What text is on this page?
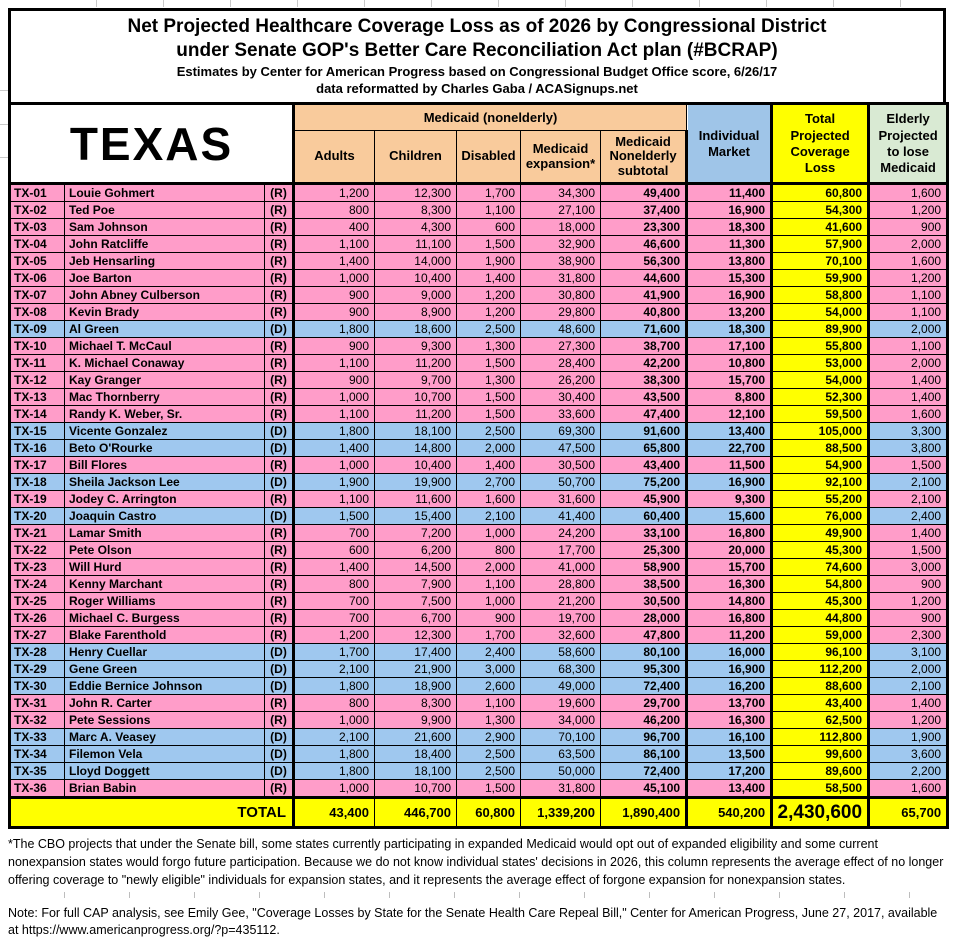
Net Projected Healthcare Coverage Loss as of 2026 by Congressional District
under Senate GOP's Better Care Reconciliation Act plan (#BCRAP)
Estimates by Center for American Progress based on Congressional Budget Office score, 6/26/17
data reformatted by Charles Gaba / ACASignups.net
TEXAS			Medicaid (nonelderly)					Individual Market	Total Projected Coverage Loss	Elderly Projected to lose Medicaid
			Adults	Children	Disabled	Medicaid expansion*	Medicaid Nonelderly subtotal			
TX-01	Louie Gohmert	(R)	1,200	12,300	1,700	34,300	49,400	11,400	60,800	1,600
TX-02	Ted Poe	(R)	800	8,300	1,100	27,100	37,400	16,900	54,300	1,200
TX-03	Sam Johnson	(R)	400	4,300	600	18,000	23,300	18,300	41,600	900
TX-04	John Ratcliffe	(R)	1,100	11,100	1,500	32,900	46,600	11,300	57,900	2,000
TX-05	Jeb Hensarling	(R)	1,400	14,000	1,900	38,900	56,300	13,800	70,100	1,600
TX-06	Joe Barton	(R)	1,000	10,400	1,400	31,800	44,600	15,300	59,900	1,200
TX-07	John Abney Culberson	(R)	900	9,000	1,200	30,800	41,900	16,900	58,800	1,100
TX-08	Kevin Brady	(R)	900	8,900	1,200	29,800	40,800	13,200	54,000	1,100
TX-09	Al Green	(D)	1,800	18,600	2,500	48,600	71,600	18,300	89,900	2,000
TX-10	Michael T. McCaul	(R)	900	9,300	1,300	27,300	38,700	17,100	55,800	1,100
TX-11	K. Michael Conaway	(R)	1,100	11,200	1,500	28,400	42,200	10,800	53,000	2,000
TX-12	Kay Granger	(R)	900	9,700	1,300	26,200	38,300	15,700	54,000	1,400
TX-13	Mac Thornberry	(R)	1,000	10,700	1,500	30,400	43,500	8,800	52,300	1,400
TX-14	Randy K. Weber, Sr.	(R)	1,100	11,200	1,500	33,600	47,400	12,100	59,500	1,600
TX-15	Vicente Gonzalez	(D)	1,800	18,100	2,500	69,300	91,600	13,400	105,000	3,300
TX-16	Beto O'Rourke	(D)	1,400	14,800	2,000	47,500	65,800	22,700	88,500	3,800
TX-17	Bill Flores	(R)	1,000	10,400	1,400	30,500	43,400	11,500	54,900	1,500
TX-18	Sheila Jackson Lee	(D)	1,900	19,900	2,700	50,700	75,200	16,900	92,100	2,100
TX-19	Jodey C. Arrington	(R)	1,100	11,600	1,600	31,600	45,900	9,300	55,200	2,100
TX-20	Joaquin Castro	(D)	1,500	15,400	2,100	41,400	60,400	15,600	76,000	2,400
TX-21	Lamar Smith	(R)	700	7,200	1,000	24,200	33,100	16,800	49,900	1,400
TX-22	Pete Olson	(R)	600	6,200	800	17,700	25,300	20,000	45,300	1,500
TX-23	Will Hurd	(R)	1,400	14,500	2,000	41,000	58,900	15,700	74,600	3,000
TX-24	Kenny Marchant	(R)	800	7,900	1,100	28,800	38,500	16,300	54,800	900
TX-25	Roger Williams	(R)	700	7,500	1,000	21,200	30,500	14,800	45,300	1,200
TX-26	Michael C. Burgess	(R)	700	6,700	900	19,700	28,000	16,800	44,800	900
TX-27	Blake Farenthold	(R)	1,200	12,300	1,700	32,600	47,800	11,200	59,000	2,300
TX-28	Henry Cuellar	(D)	1,700	17,400	2,400	58,600	80,100	16,000	96,100	3,100
TX-29	Gene Green	(D)	2,100	21,900	3,000	68,300	95,300	16,900	112,200	2,000
TX-30	Eddie Bernice Johnson	(D)	1,800	18,900	2,600	49,000	72,400	16,200	88,600	2,100
TX-31	John R. Carter	(R)	800	8,300	1,100	19,600	29,700	13,700	43,400	1,400
TX-32	Pete Sessions	(R)	1,000	9,900	1,300	34,000	46,200	16,300	62,500	1,200
TX-33	Marc A. Veasey	(D)	2,100	21,600	2,900	70,100	96,700	16,100	112,800	1,900
TX-34	Filemon Vela	(D)	1,800	18,400	2,500	63,500	86,100	13,500	99,600	3,600
TX-35	Lloyd Doggett	(D)	1,800	18,100	2,500	50,000	72,400	17,200	89,600	2,200
TX-36	Brian Babin	(R)	1,000	10,700	1,500	31,800	45,100	13,400	58,500	1,600
TOTAL			43,400	446,700	60,800	1,339,200	1,890,400	540,200	2,430,600	65,700

*The CBO projects that under the Senate bill, some states currently participating in expanded Medicaid would opt out of expanded eligibility and some current nonexpansion states would forgo future participation. Because we do not know individual states' decisions in 2026, this column represents the average effect of no longer offering coverage to "newly eligible" individuals for expansion states, and it represents the average effect of forgone expansion for nonexpansion states.

Note: For full CAP analysis, see Emily Gee, "Coverage Losses by State for the Senate Health Care Repeal Bill," Center for American Progress, June 27, 2017, available at https://www.americanprogress.org/?p=435112.
